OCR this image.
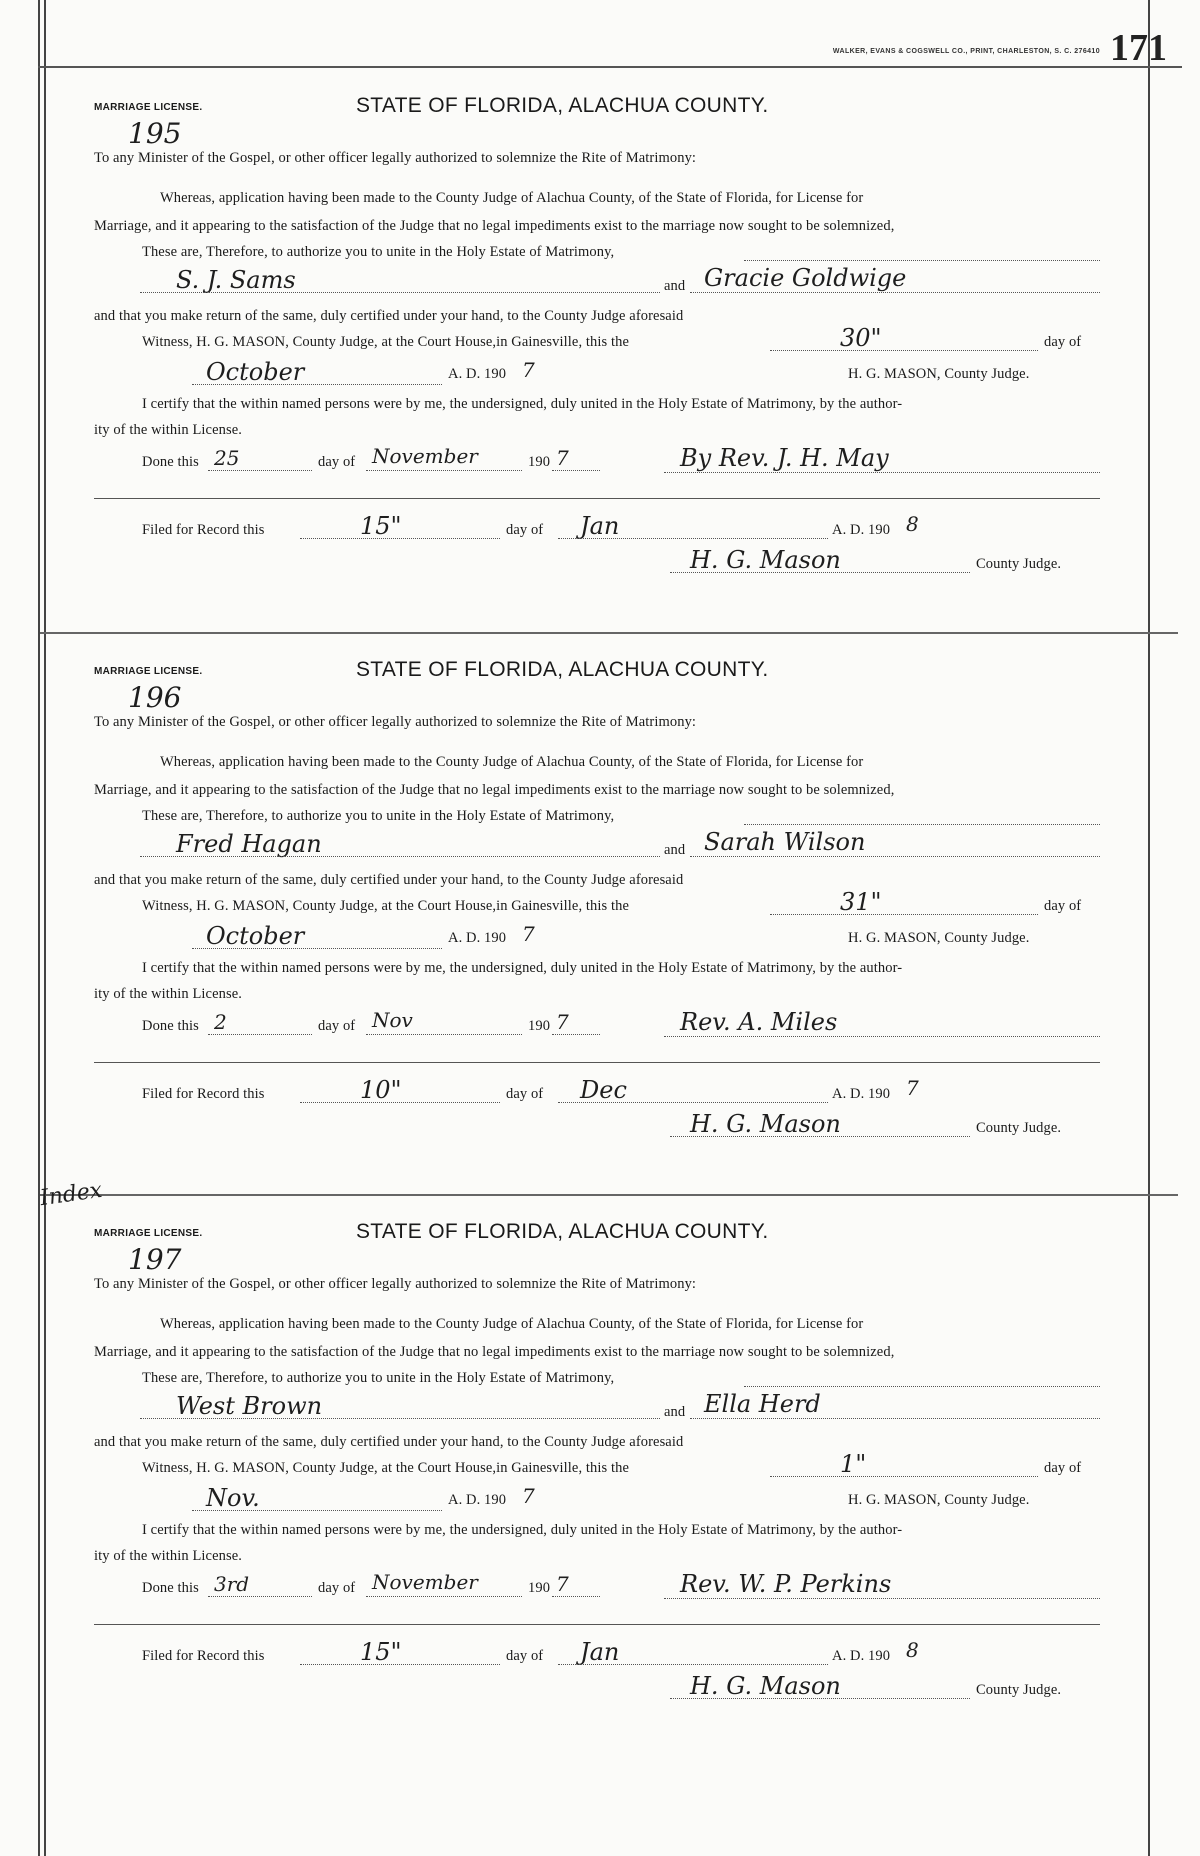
WALKER, EVANS & COGSWELL CO., PRINT, CHARLESTON, S. C. 276410 171
MARRIAGE LICENSE.	STATE OF FLORIDA, ALACHUA COUNTY.
195
To any Minister of the Gospel, or other officer legally authorized to solemnize the Rite of Matrimony:
Whereas, application having been made to the County Judge of Alachua County, of the State of Florida, for License for
Marriage, and it appearing to the satisfaction of the Judge that no legal impediments exist to the marriage now sought to be solemnized,
These are, Therefore, to authorize you to unite in the Holy Estate of Matrimony,
S. J. Sams	and Gracie Goldwige
and that you make return of the same, duly certified under your hand, to the County Judge aforesaid
Witness, H. G. MASON, County Judge, at the Court House,in Gainesville, this the	30"	day of
October	A. D. 190 7	H. G. MASON, County Judge.
I certify that the within named persons were by me, the undersigned, duly united in the Holy Estate of Matrimony, by the author-
ity of the within License.
Done this 25	day of November	190 7	By Rev. J. H. May
Filed for Record this	15"	day of Jan	A. D. 190 8
H. G. Mason	County Judge.
MARRIAGE LICENSE.	STATE OF FLORIDA, ALACHUA COUNTY.
196
To any Minister of the Gospel, or other officer legally authorized to solemnize the Rite of Matrimony:
Whereas, application having been made to the County Judge of Alachua County, of the State of Florida, for License for
Marriage, and it appearing to the satisfaction of the Judge that no legal impediments exist to the marriage now sought to be solemnized,
These are, Therefore, to authorize you to unite in the Holy Estate of Matrimony,
Fred Hagan	and Sarah Wilson
and that you make return of the same, duly certified under your hand, to the County Judge aforesaid
Witness, H. G. MASON, County Judge, at the Court House,in Gainesville, this the	31"	day of
October	A. D. 190 7	H. G. MASON, County Judge.
I certify that the within named persons were by me, the undersigned, duly united in the Holy Estate of Matrimony, by the author-
ity of the within License.
Done this 2	day of Nov	190 7	Rev. A. Miles
Filed for Record this	10"	day of Dec	A. D. 190 7
H. G. Mason	County Judge.
Index
MARRIAGE LICENSE.	STATE OF FLORIDA, ALACHUA COUNTY.
197
To any Minister of the Gospel, or other officer legally authorized to solemnize the Rite of Matrimony:
Whereas, application having been made to the County Judge of Alachua County, of the State of Florida, for License for
Marriage, and it appearing to the satisfaction of the Judge that no legal impediments exist to the marriage now sought to be solemnized,
These are, Therefore, to authorize you to unite in the Holy Estate of Matrimony,
West Brown	and Ella Herd
and that you make return of the same, duly certified under your hand, to the County Judge aforesaid
Witness, H. G. MASON, County Judge, at the Court House,in Gainesville, this the	1"	day of
Nov.	A. D. 190 7	H. G. MASON, County Judge.
I certify that the within named persons were by me, the undersigned, duly united in the Holy Estate of Matrimony, by the author-
ity of the within License.
Done this 3rd	day of November	190 7	Rev. W. P. Perkins
Filed for Record this	15"	day of Jan	A. D. 190 8
H. G. Mason	County Judge.
